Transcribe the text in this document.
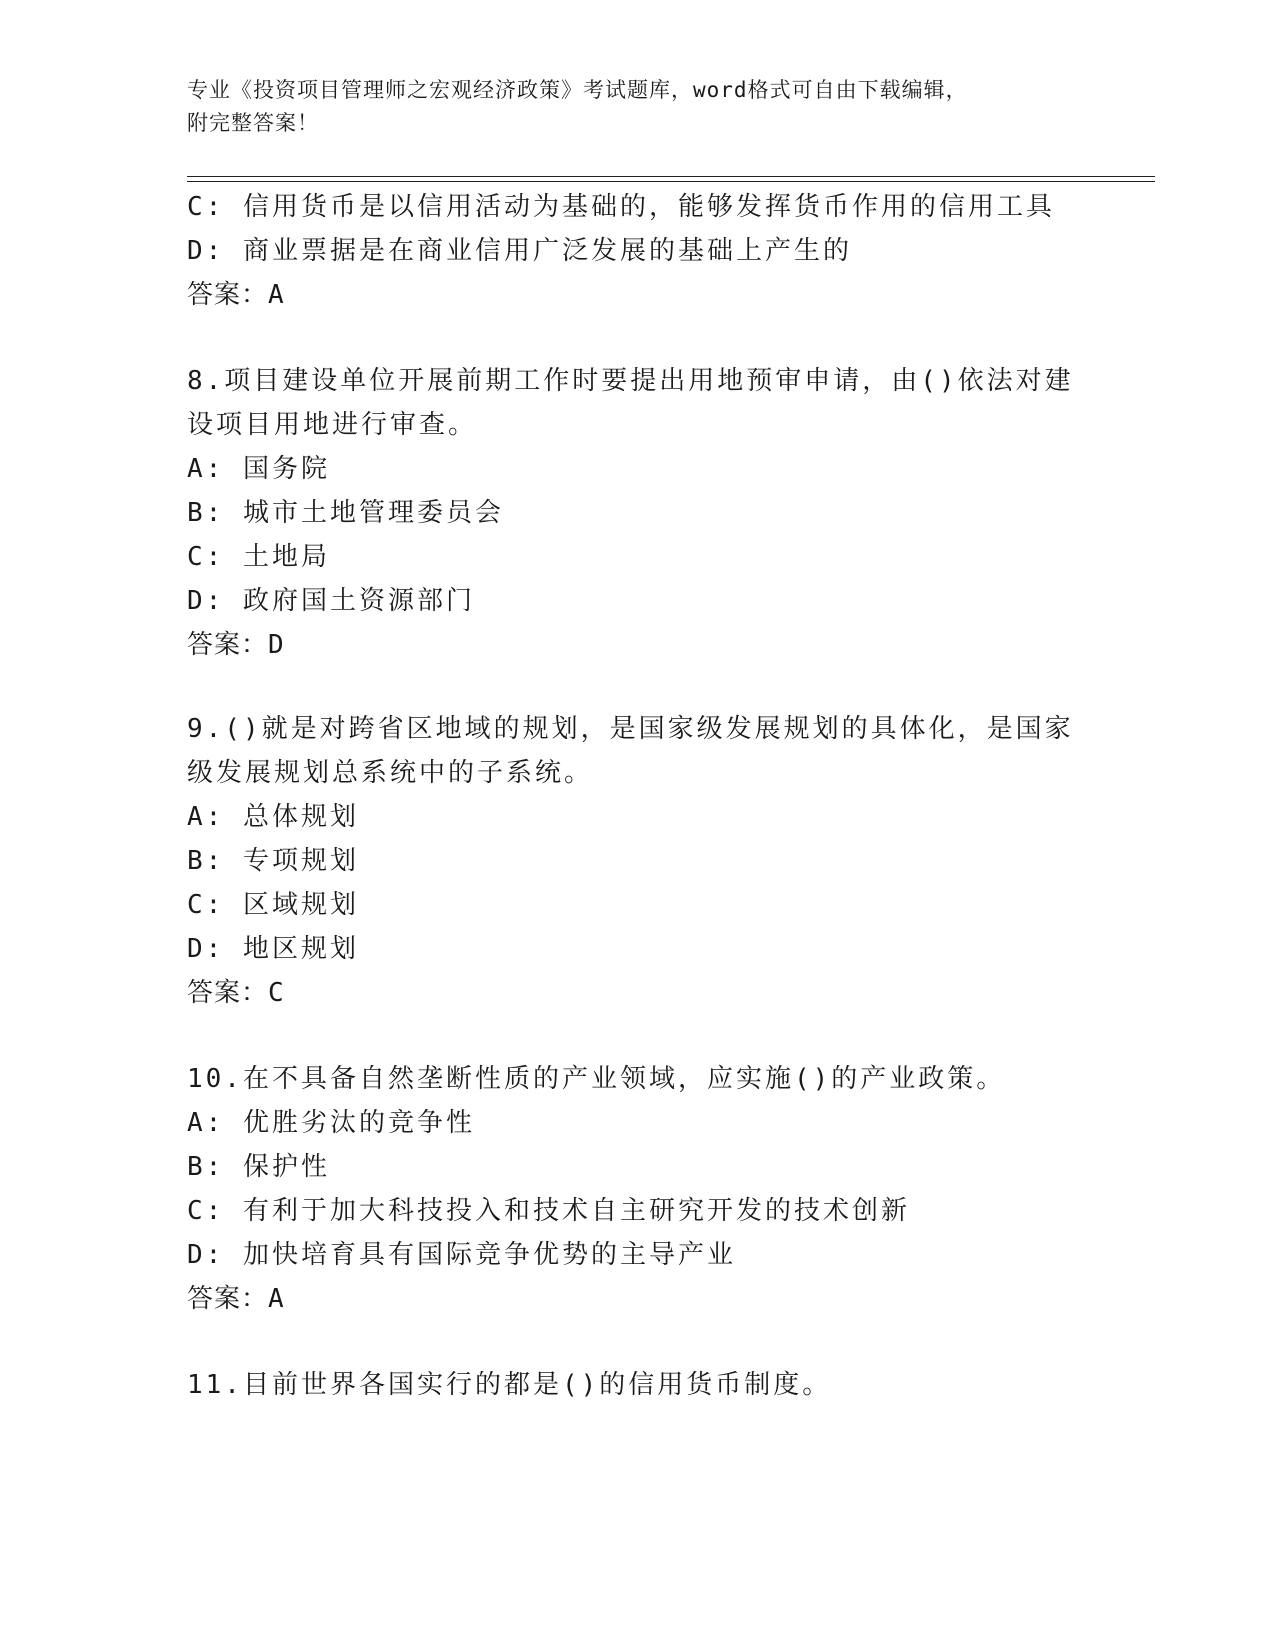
专业《投资项目管理师之宏观经济政策》考试题库，word格式可自由下载编辑，
附完整答案！
C: 信用货币是以信用活动为基础的，能够发挥货币作用的信用工具
D: 商业票据是在商业信用广泛发展的基础上产生的
答案：A
8.项目建设单位开展前期工作时要提出用地预审申请，由()依法对建
设项目用地进行审查。
A: 国务院
B: 城市土地管理委员会
C: 土地局
D: 政府国土资源部门
答案：D
9.()就是对跨省区地域的规划，是国家级发展规划的具体化，是国家
级发展规划总系统中的子系统。
A: 总体规划
B: 专项规划
C: 区域规划
D: 地区规划
答案：C
10.在不具备自然垄断性质的产业领域，应实施()的产业政策。
A: 优胜劣汰的竞争性
B: 保护性
C: 有利于加大科技投入和技术自主研究开发的技术创新
D: 加快培育具有国际竞争优势的主导产业
答案：A
11.目前世界各国实行的都是()的信用货币制度。
